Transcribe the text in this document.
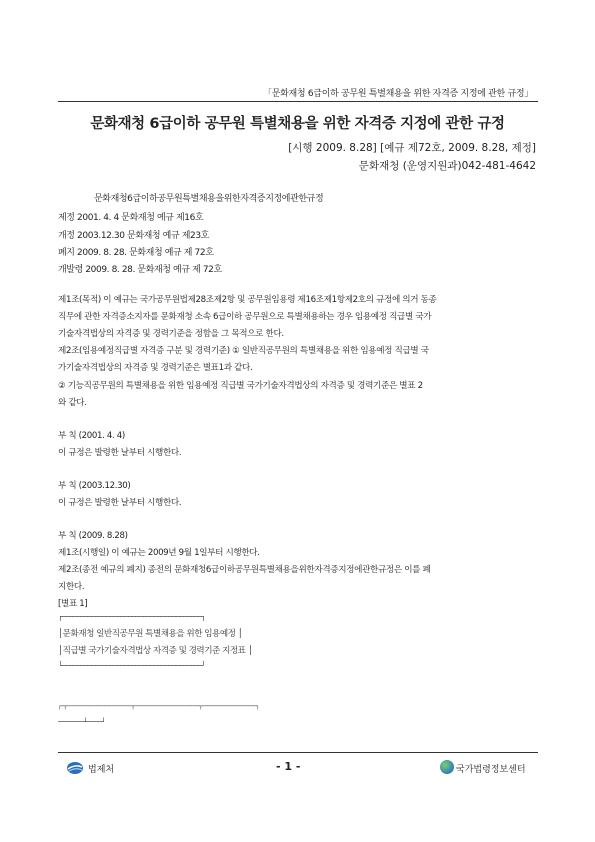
「문화재청 6급이하 공무원 특별채용을 위한 자격증 지정에 관한 규정」
문화재청 6급이하 공무원 특별채용을 위한 자격증 지정에 관한 규정
[시행 2009. 8.28] [예규 제72호, 2009. 8.28, 제정]
문화재청 (운영지원과)042-481-4642
문화재청6급이하공무원특별채용을위한자격증지정에관한규정
제정 2001. 4. 4 문화재청 예규 제16호
개정 2003.12.30 문화재청 예규 제23호
폐지 2009. 8. 28. 문화재청 예규 제 72호
개발령 2009. 8. 28. 문화재청 예규 제 72호
제1조(목적) 이 예규는 국가공무원법제28조제2항 및 공무원임용령 제16조제1항제2호의 규정에 의거 동종
직무에 관한 자격증소지자를 문화재청 소속 6급이하 공무원으로 특별채용하는 경우 임용예정 직급별 국가
기술자격법상의 자격증 및 경력기준을 정함을 그 목적으로 한다.
제2조(임용예정직급별 자격증 구분 및 경력기준) ① 일반직공무원의 특별채용을 위한 임용예정 직급별 국
가기술자격법상의 자격증 및 경력기준은 별표1과 같다.
② 기능직공무원의 특별채용을 위한 임용예정 직급별 국가기술자격법상의 자격증 및 경력기준은 별표 2
와 같다.
부 칙 (2001. 4. 4)
이 규정은 발령한 날부터 시행한다.
부 칙 (2003.12.30)
이 규정은 발령한 날부터 시행한다.
부 칙 (2009. 8.28)
제1조(시행일) 이 예규는 2009년 9월 1일부터 시행한다.
제2조(종전 예규의 폐지) 종전의 문화재청6급이하공무원특별채용을위한자격증지정에관한규정은 이를 폐
지한다.
[별표 1]
┌──────────────────────────────────────┐
│문화재청 일반직공무원 특별채용을 위한 임용예정 │
│직급별 국가기술자격법상 자격증 및 경력기준 지정표 │
└──────────────────────────────────────┘
┌─┬────────────────────────┬────────────────────────┬────────────────────┐
───────┴────┘
법제처	- 1 -	국가법령정보센터
